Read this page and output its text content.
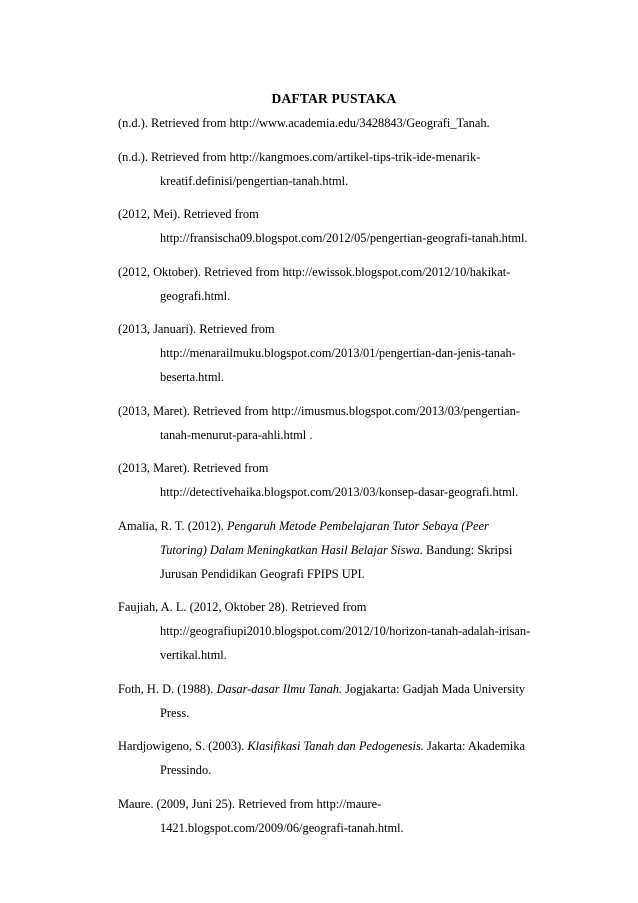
DAFTAR PUSTAKA

(n.d.). Retrieved from http://www.academia.edu/3428843/Geografi_Tanah.

(n.d.). Retrieved from http://kangmoes.com/artikel-tips-trik-ide-menarik-
kreatif.definisi/pengertian-tanah.html.

(2012, Mei). Retrieved from
http://fransischa09.blogspot.com/2012/05/pengertian-geografi-tanah.html.

(2012, Oktober). Retrieved from http://ewissok.blogspot.com/2012/10/hakikat-
geografi.html.

(2013, Januari). Retrieved from
http://menarailmuku.blogspot.com/2013/01/pengertian-dan-jenis-tanah-
beserta.html.

(2013, Maret). Retrieved from http://imusmus.blogspot.com/2013/03/pengertian-
tanah-menurut-para-ahli.html .

(2013, Maret). Retrieved from
http://detectivehaika.blogspot.com/2013/03/konsep-dasar-geografi.html.

Amalia, R. T. (2012). Pengaruh Metode Pembelajaran Tutor Sebaya (Peer
Tutoring) Dalam Meningkatkan Hasil Belajar Siswa. Bandung: Skripsi
Jurusan Pendidikan Geografi FPIPS UPI.

Faujiah, A. L. (2012, Oktober 28). Retrieved from
http://geografiupi2010.blogspot.com/2012/10/horizon-tanah-adalah-irisan-
vertikal.html.

Foth, H. D. (1988). Dasar-dasar Ilmu Tanah. Jogjakarta: Gadjah Mada University
Press.

Hardjowigeno, S. (2003). Klasifikasi Tanah dan Pedogenesis. Jakarta: Akademika
Pressindo.

Maure. (2009, Juni 25). Retrieved from http://maure-
1421.blogspot.com/2009/06/geografi-tanah.html.
